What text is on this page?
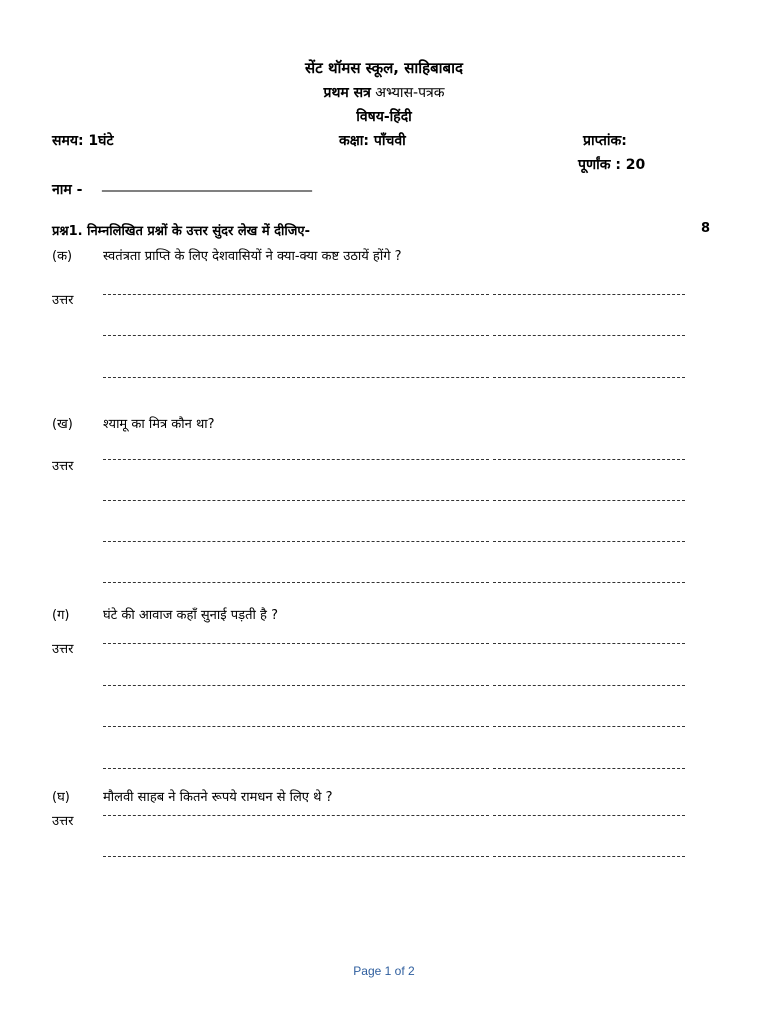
सेंट थॉमस स्कूल, साहिबाबाद
प्रथम सत्र अभ्यास-पत्रक
विषय-हिंदी
समय: 1घंटे	कक्षा: पाँचवी	प्राप्तांक:
पूर्णांक : 20
नाम - ______________________________
प्रश्न1. निम्नलिखित प्रश्नों के उत्तर सुंदर लेख में दीजिए-	8
(क) स्वतंत्रता प्राप्ति के लिए देशवासियों ने क्या-क्या कष्ट उठायें होंगे ?
उत्तर
(ख) श्यामू का मित्र कौन था?
उत्तर
(ग)	घंटे की आवाज कहाँ सुनाई पड़ती है ?
उत्तर
(घ)	मौलवी साहब ने कितने रूपये रामधन से लिए थे ?
उत्तर
Page 1 of 2
